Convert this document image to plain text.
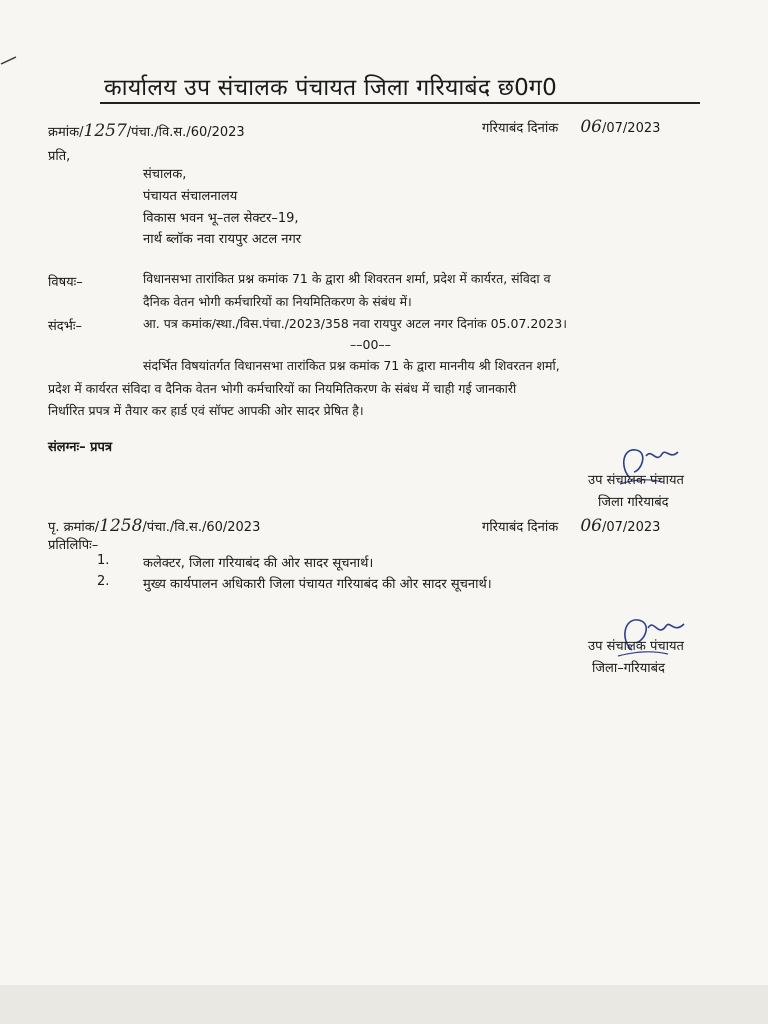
कार्यालय उप संचालक पंचायत जिला गरियाबंद छ0ग0
क्रमांक/1257/पंचा./वि.स./60/2023	गरियाबंद दिनांक 06/07/2023
प्रति,
संचालक,
पंचायत संचालनालय
विकास भवन भू–तल सेक्टर–19,
नार्थ ब्लॉक नवा रायपुर अटल नगर
विषयः–	विधानसभा तारांकित प्रश्न कमांक 71 के द्वारा श्री शिवरतन शर्मा, प्रदेश में कार्यरत, संविदा व
दैनिक वेतन भोगी कर्मचारियों का नियमितिकरण के संबंध में।
संदर्भः–	आ. पत्र कमांक/स्था./विस.पंचा./2023/358 नवा रायपुर अटल नगर दिनांक 05.07.2023।
––00––
संदर्भित विषयांतर्गत विधानसभा तारांकित प्रश्न कमांक 71 के द्वारा माननीय श्री शिवरतन शर्मा,
प्रदेश में कार्यरत संविदा व दैनिक वेतन भोगी कर्मचारियों का नियमितिकरण के संबंध में चाही गई जानकारी
निर्धारित प्रपत्र में तैयार कर हार्ड एवं सॉफ्ट आपकी ओर सादर प्रेषित है।
संलग्नः– प्रपत्र
उप संचालक पंचायत
जिला गरियाबंद
पृ. क्रमांक/1258/पंचा./वि.स./60/2023	गरियाबंद दिनांक 06/07/2023
प्रतिलिपिः–
1.	कलेक्टर, जिला गरियाबंद की ओर सादर सूचनार्थ।
2.	मुख्य कार्यपालन अधिकारी जिला पंचायत गरियाबंद की ओर सादर सूचनार्थ।
उप संचालक पंचायत
जिला–गरियाबंद
